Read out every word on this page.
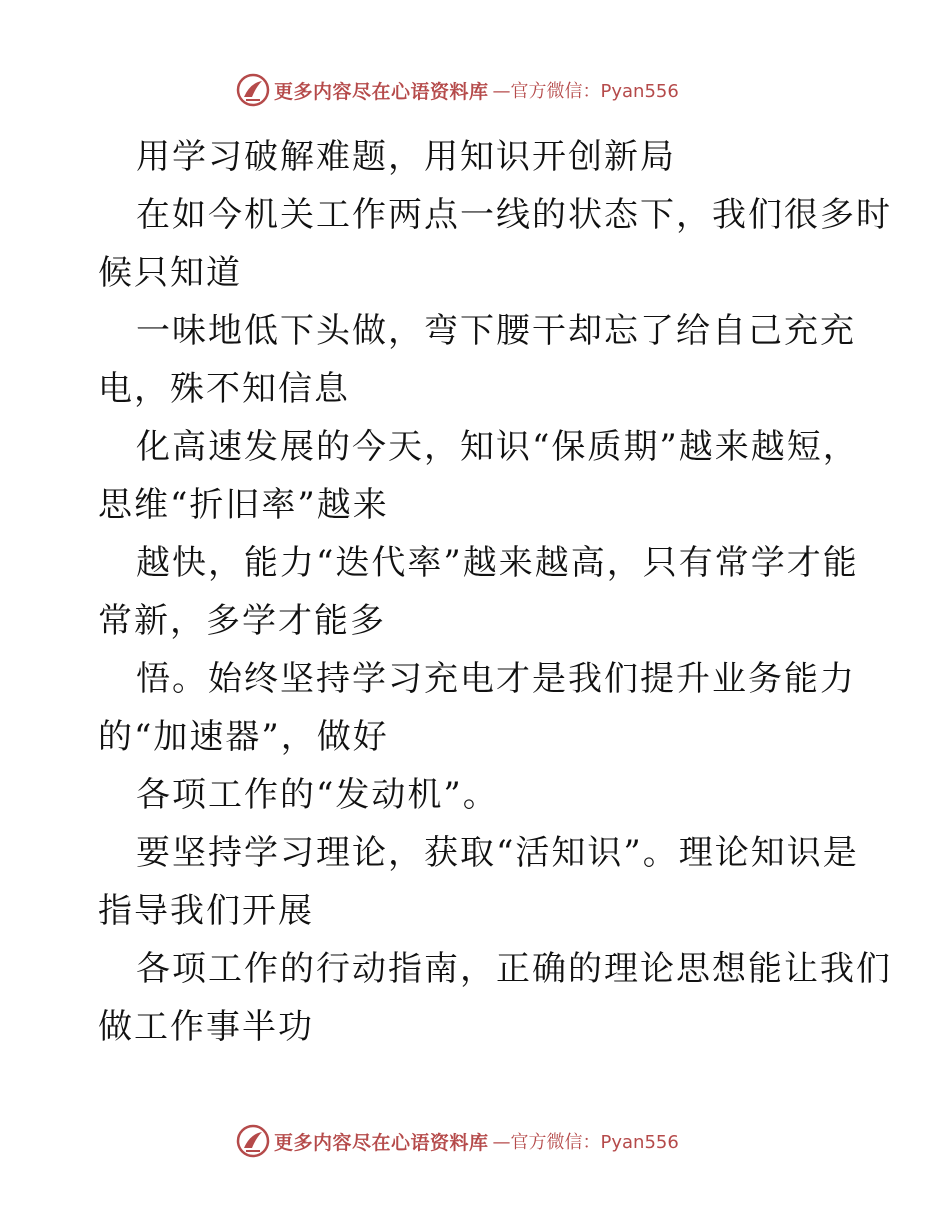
更多内容尽在心语资料库 —官方微信：Pyan556
用学习破解难题，用知识开创新局
在如今机关工作两点一线的状态下，我们很多时
候只知道
一味地低下头做，弯下腰干却忘了给自己充充
电，殊不知信息
化高速发展的今天，知识“保质期”越来越短，
思维“折旧率”越来
越快，能力“迭代率”越来越高，只有常学才能
常新，多学才能多
悟。始终坚持学习充电才是我们提升业务能力
的“加速器”，做好
各项工作的“发动机”。
要坚持学习理论，获取“活知识”。理论知识是
指导我们开展
各项工作的行动指南，正确的理论思想能让我们
做工作事半功
更多内容尽在心语资料库 —官方微信：Pyan556
